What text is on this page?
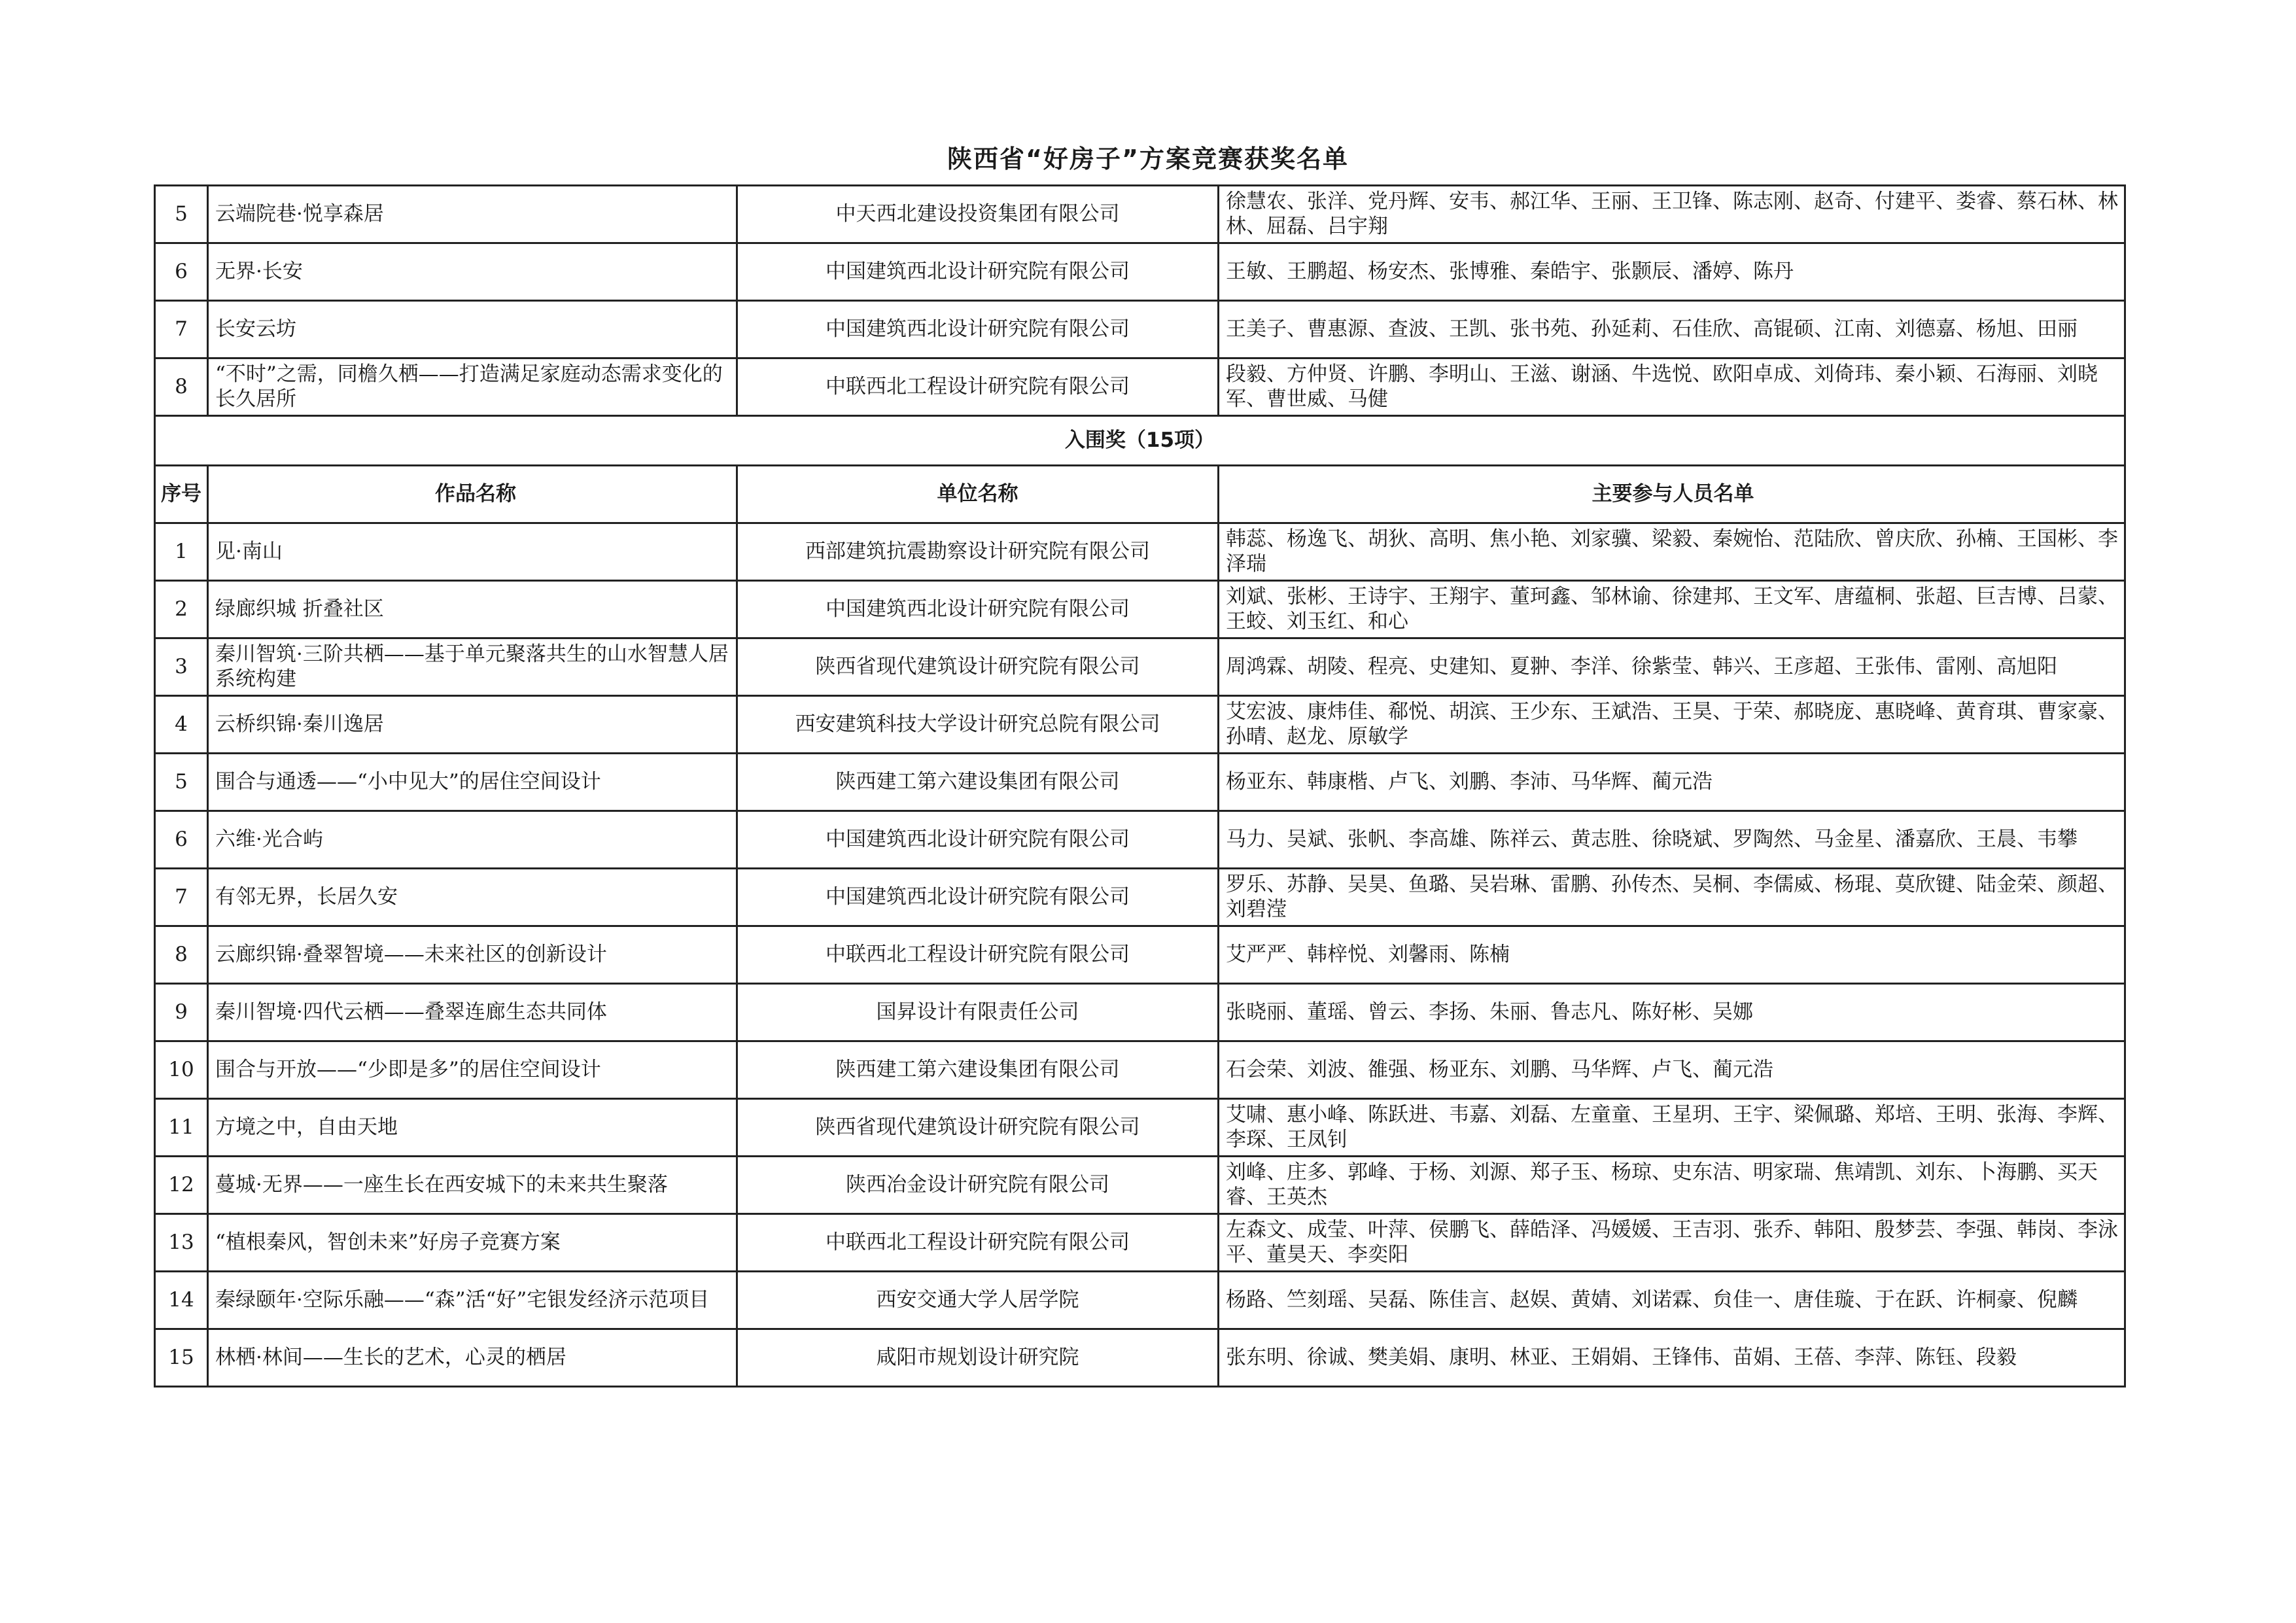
陕西省“好房子”方案竞赛获奖名单
5	云端院巷·悦享森居	中天西北建设投资集团有限公司	徐慧农、张洋、党丹辉、安韦、郝江华、王丽、王卫锋、陈志刚、赵奇、付建平、娄睿、蔡石林、林林、屈磊、吕宇翔

6	无界·长安	中国建筑西北设计研究院有限公司	王敏、王鹏超、杨安杰、张博雅、秦皓宇、张颢辰、潘婷、陈丹

7	长安云坊	中国建筑西北设计研究院有限公司	王美子、曹惠源、查波、王凯、张书苑、孙延莉、石佳欣、高锟硕、江南、刘德嘉、杨旭、田丽

8	“不时”之需，同檐久栖——打造满足家庭动态需求变化的长久居所	中联西北工程设计研究院有限公司	段毅、方仲贤、许鹏、李明山、王滋、谢涵、牛选悦、欧阳卓成、刘倚玮、秦小颖、石海丽、刘晓军、曹世威、马健

入围奖（15项）			
序号	作品名称	单位名称	主要参与人员名单
1	见·南山	西部建筑抗震勘察设计研究院有限公司	韩蕊、杨逸飞、胡狄、高明、焦小艳、刘家骥、梁毅、秦婉怡、范陆欣、曾庆欣、孙楠、王国彬、李泽瑞

2	绿廊织城 折叠社区	中国建筑西北设计研究院有限公司	刘斌、张彬、王诗宇、王翔宇、董珂鑫、邹林谕、徐建邦、王文军、唐蕴桐、张超、巨吉博、吕蒙、王蛟、刘玉红、和心

3	秦川智筑·三阶共栖——基于单元聚落共生的山水智慧人居系统构建	陕西省现代建筑设计研究院有限公司	周鸿霖、胡陵、程亮、史建知、夏翀、李洋、徐紫莹、韩兴、王彦超、王张伟、雷刚、高旭阳

4	云桥织锦·秦川逸居	西安建筑科技大学设计研究总院有限公司	艾宏波、康炜佳、郗悦、胡滨、王少东、王斌浩、王昊、于荣、郝晓庞、惠晓峰、黄育琪、曹家豪、孙晴、赵龙、原敏学

5	围合与通透——“小中见大”的居住空间设计	陕西建工第六建设集团有限公司	杨亚东、韩康楷、卢飞、刘鹏、李沛、马华辉、蔺元浩

6	六维·光合屿	中国建筑西北设计研究院有限公司	马力、吴斌、张帆、李高雄、陈祥云、黄志胜、徐晓斌、罗陶然、马金星、潘嘉欣、王晨、韦攀

7	有邻无界，长居久安	中国建筑西北设计研究院有限公司	罗乐、苏静、吴昊、鱼璐、吴岩琳、雷鹏、孙传杰、吴桐、李儒威、杨琨、莫欣键、陆金荣、颜超、刘碧滢

8	云廊织锦·叠翠智境——未来社区的创新设计	中联西北工程设计研究院有限公司	艾严严、韩梓悦、刘馨雨、陈楠

9	秦川智境·四代云栖——叠翠连廊生态共同体	国昇设计有限责任公司	张晓丽、董瑶、曾云、李扬、朱丽、鲁志凡、陈好彬、吴娜

10	围合与开放——“少即是多”的居住空间设计	陕西建工第六建设集团有限公司	石会荣、刘波、雒强、杨亚东、刘鹏、马华辉、卢飞、蔺元浩

11	方境之中，自由天地	陕西省现代建筑设计研究院有限公司	艾啸、惠小峰、陈跃进、韦嘉、刘磊、左童童、王星玥、王宇、梁佩璐、郑培、王明、张海、李辉、李琛、王凤钊

12	蔓城·无界——一座生长在西安城下的未来共生聚落	陕西冶金设计研究院有限公司	刘峰、庄多、郭峰、于杨、刘源、郑子玉、杨琼、史东洁、明家瑞、焦靖凯、刘东、卜海鹏、买天睿、王英杰

13	“植根秦风，智创未来”好房子竞赛方案	中联西北工程设计研究院有限公司	左森文、成莹、叶萍、侯鹏飞、薛皓泽、冯媛媛、王吉羽、张乔、韩阳、殷梦芸、李强、韩岗、李泳平、董昊天、李奕阳

14	秦绿颐年·空际乐融——“森”活“好”宅银发经济示范项目	西安交通大学人居学院	杨路、竺刻瑶、吴磊、陈佳言、赵娱、黄婧、刘诺霖、贠佳一、唐佳璇、于在跃、许桐豪、倪麟

15	林栖·林间——生长的艺术，心灵的栖居	咸阳市规划设计研究院	张东明、徐诚、樊美娟、康明、林亚、王娟娟、王锋伟、苗娟、王蓓、李萍、陈钰、段毅
